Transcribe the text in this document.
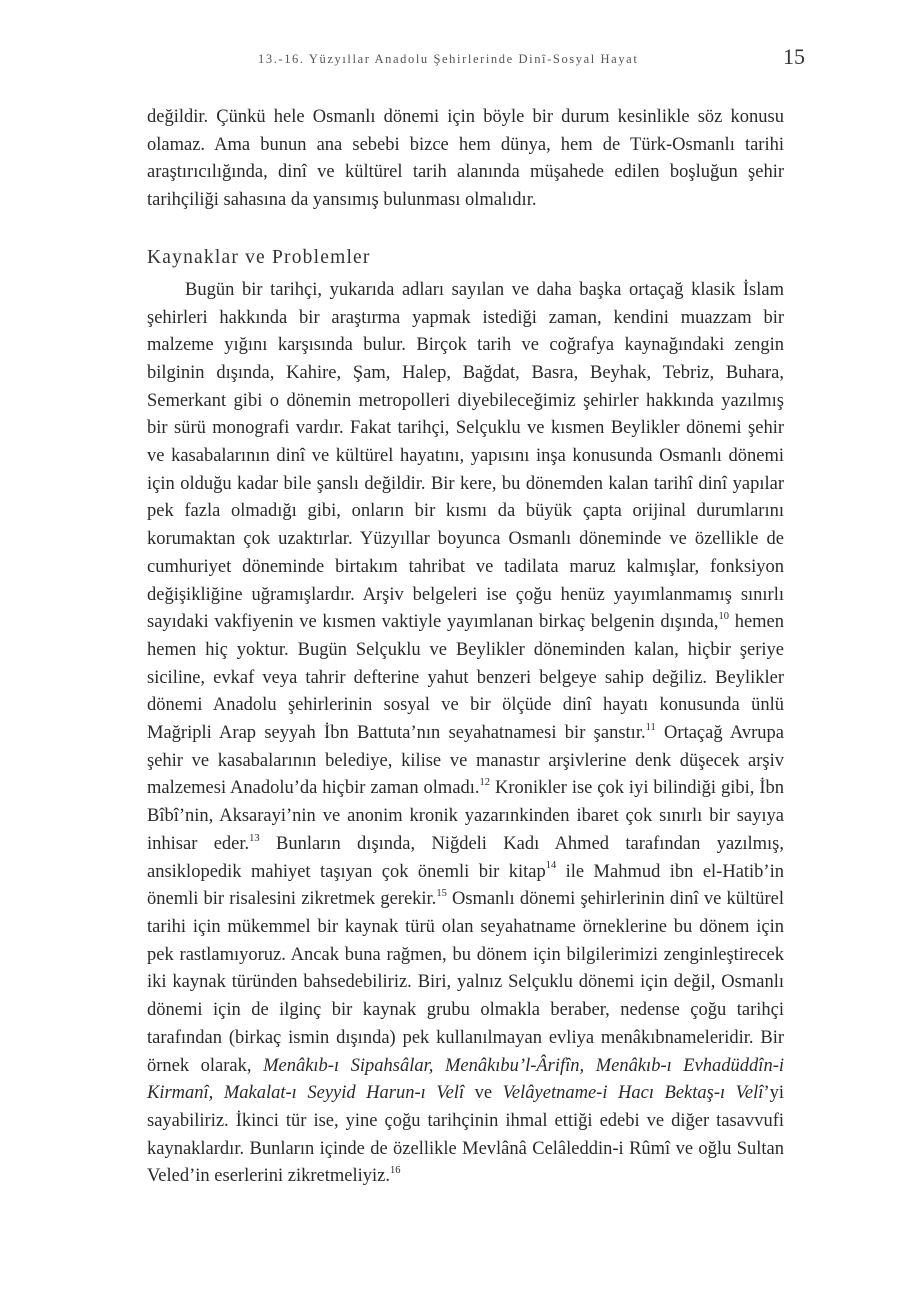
13.-16. Yüzyıllar Anadolu Şehirlerinde Dinî-Sosyal Hayat	15

değildir. Çünkü hele Osmanlı dönemi için böyle bir durum kesinlikle söz konusu olamaz. Ama bunun ana sebebi bizce hem dünya, hem de Türk-Osmanlı tarihi araştırıcılığında, dinî ve kültürel tarih alanında müşahede edilen boşluğun şehir tarihçiliği sahasına da yansımış bulunması olmalıdır.

Kaynaklar ve Problemler

Bugün bir tarihçi, yukarıda adları sayılan ve daha başka ortaçağ klasik İslam şehirleri hakkında bir araştırma yapmak istediği zaman, kendini muazzam bir malzeme yığını karşısında bulur. Birçok tarih ve coğrafya kaynağındaki zengin bilginin dışında, Kahire, Şam, Halep, Bağdat, Basra, Beyhak, Tebriz, Buhara, Semerkant gibi o dönemin metropolleri diyebileceğimiz şehirler hakkında yazılmış bir sürü monografi vardır. Fakat tarihçi, Selçuklu ve kısmen Beylikler dönemi şehir ve kasabalarının dinî ve kültürel hayatını, yapısını inşa konusunda Osmanlı dönemi için olduğu kadar bile şanslı değildir. Bir kere, bu dönemden kalan tarihî dinî yapılar pek fazla olmadığı gibi, onların bir kısmı da büyük çapta orijinal durumlarını korumaktan çok uzaktırlar. Yüzyıllar boyunca Osmanlı döneminde ve özellikle de cumhuriyet döneminde birtakım tahribat ve tadilata maruz kalmışlar, fonksiyon değişikliğine uğramışlardır. Arşiv belgeleri ise çoğu henüz yayımlanmamış sınırlı sayıdaki vakfiyenin ve kısmen vaktiyle yayımlanan birkaç belgenin dışında,$^{10}$ hemen hemen hiç yoktur. Bugün Selçuklu ve Beylikler döneminden kalan, hiçbir şeriye siciline, evkaf veya tahrir defterine yahut benzeri belgeye sahip değiliz. Beylikler dönemi Anadolu şehirlerinin sosyal ve bir ölçüde dinî hayatı konusunda ünlü Mağripli Arap seyyah İbn Battuta’nın seyahatnamesi bir şanstır.$^{11}$ Ortaçağ Avrupa şehir ve kasabalarının belediye, kilise ve manastır arşivlerine denk düşecek arşiv malzemesi Anadolu’da hiçbir zaman olmadı.$^{12}$ Kronikler ise çok iyi bilindiği gibi, İbn Bîbî’nin, Aksarayi’nin ve anonim kronik yazarınkinden ibaret çok sınırlı bir sayıya inhisar eder.$^{13}$ Bunların dışında, Niğdeli Kadı Ahmed tarafından yazılmış, ansiklopedik mahiyet taşıyan çok önemli bir kitap$^{14}$ ile Mahmud ibn el-Hatib’in önemli bir risalesini zikretmek gerekir.$^{15}$ Osmanlı dönemi şehirlerinin dinî ve kültürel tarihi için mükemmel bir kaynak türü olan seyahatname örneklerine bu dönem için pek rastlamıyoruz. Ancak buna rağmen, bu dönem için bilgilerimizi zenginleştirecek iki kaynak türünden bahsedebiliriz. Biri, yalnız Selçuklu dönemi için değil, Osmanlı dönemi için de ilginç bir kaynak grubu olmakla beraber, nedense çoğu tarihçi tarafından (birkaç ismin dışında) pek kullanılmayan evliya menâkıbnameleridir. Bir örnek olarak, Menâkıb-ı Sipahsâlar, Menâkıbu’l-Ârifîn, Menâkıb-ı Evhadüddîn-i Kirmanî, Makalat-ı Seyyid Harun-ı Velî ve Velâyetname-i Hacı Bektaş-ı Velî’yi sayabiliriz. İkinci tür ise, yine çoğu tarihçinin ihmal ettiği edebi ve diğer tasavvufi kaynaklardır. Bunların içinde de özellikle Mevlânâ Celâleddin-i Rûmî ve oğlu Sultan Veled’in eserlerini zikretmeliyiz.$^{16}$
